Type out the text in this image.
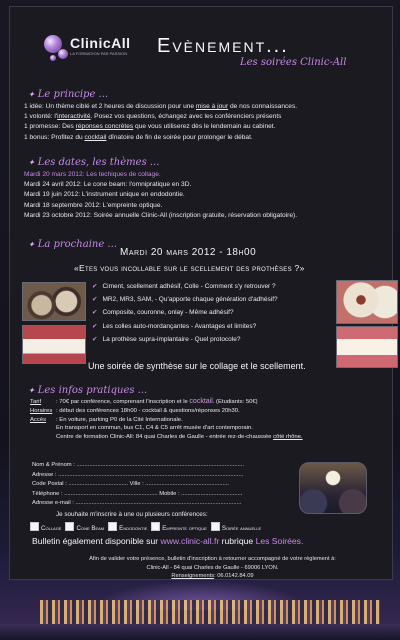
ClinicAll
LA FORMATION PAR PASSION Evènement...
Les soirées Clinic-All
✦ Le principe ...
1 idée: Un thème ciblé et 2 heures de discussion pour une mise à jour de nos connaissances.
1 volonté: l'interactivité. Posez vos questions, échangez avec les conférenciers présents
1 promesse: Des réponses concrètes que vous utiliserez dès le lendemain au cabinet.
1 bonus: Profitez du cocktail dînatoire de fin de soirée pour prolonger le débat.
✦ Les dates, les thèmes ...
Mardi 20 mars 2012: Les techiques de collage.
Mardi 24 avril 2012: Le cone beam: l'omnipratique en 3D.
Mardi 19 juin 2012: L'instrument unique en endodontie.
Mardi 18 septembre 2012: L'empreinte optique.
Mardi 23 octobre 2012: Soirée annuelle Clinic-All (inscription gratuite, réservation obligatoire).
✦ La prochaine ...
Mardi 20 mars 2012 - 18h00
«Etes vous incollable sur le scellement des prothèses ?»
✔ Ciment, scellement adhésif, Colle - Comment s'y retrouver ?
✔ MR2, MR3, SAM, - Qu'apporte chaque génération d'adhésif?
✔ Composite, couronne, onlay - Même adhésif?
✔ Les colles auto-mordançantes - Avantages et limites?
✔ La prothèse supra-implantaire - Quel protocole?
Une soirée de synthèse sur le collage et le scellement.
✦ Les infos pratiques ...
Tarif	: 70€ par conférence, comprenant l'inscription et le cocktail. (Etudiants: 50€)
Horaires : début des conférences 18h00 - cocktail & questions/réponses 20h30.
Accès : En voiture, parking P0 de la Cité Internationale.
En transport en commun, bus C1, C4 & C5 arrêt musée d'art contemporain.
Centre de formation Clinic-All: 84 quai Charles de Gaulle - entrée rez-de-chaussée côté rhône.
Nom & Prénom : ........................................................................................................
Adresse : ...................................................................................................................
Code Postal : ..................................... Ville : ....................................................
Téléphone : .......................................................... Mobile : ......................................
Adresse e-mail : .......................................................................................................
Je souhaite m'inscrire à une ou plusieurs conférences:
Collage	Cone Beam	Endodontie	Empreinte optique	Soirée annuelle
Bulletin également disponible sur www.clinic-all.fr rubrique Les Soirées.
Afin de valider votre présence, bulletin d'inscription à retourner accompagné de votre règlement à:
Clinic-All - 84 quai Charles de Gaulle - 69006 LYON.
Renseignements: 06.0142.84.09
